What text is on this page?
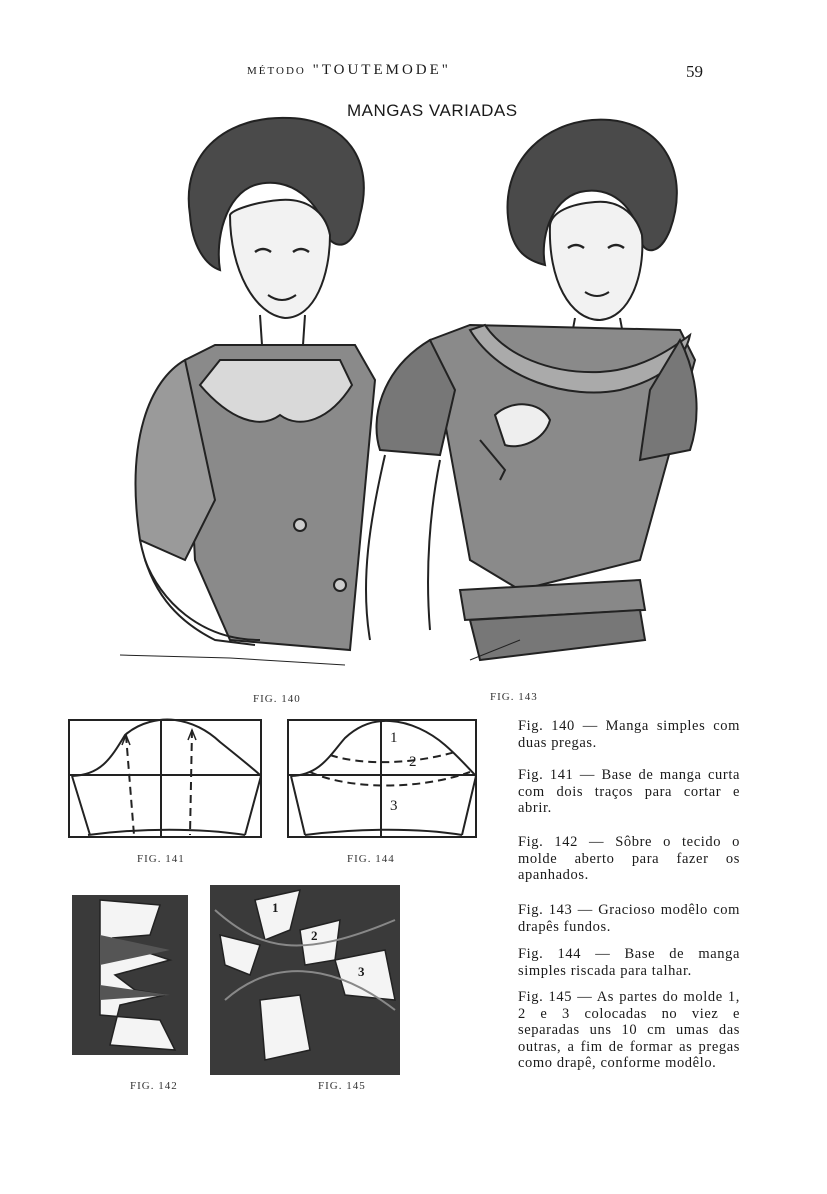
MÉTODO "TOUTEMODE"	59
MANGAS VARIADAS
FIG. 140	FIG. 143
FIG. 141
1
2
3
FIG. 144
FIG. 142
1
2
3
FIG. 145
Fig. 140 — Manga simples com duas pregas.
Fig. 141 — Base de manga curta com dois traços para cortar e abrir.
Fig. 142 — Sôbre o tecido o molde aberto para fazer os apanhados.
Fig. 143 — Gracioso modêlo com drapês fundos.
Fig. 144 — Base de manga simples riscada para talhar.
Fig. 145 — As partes do molde 1, 2 e 3 colocadas no viez e separadas uns 10 cm umas das outras, a fim de formar as pregas como drapê, conforme modêlo.
